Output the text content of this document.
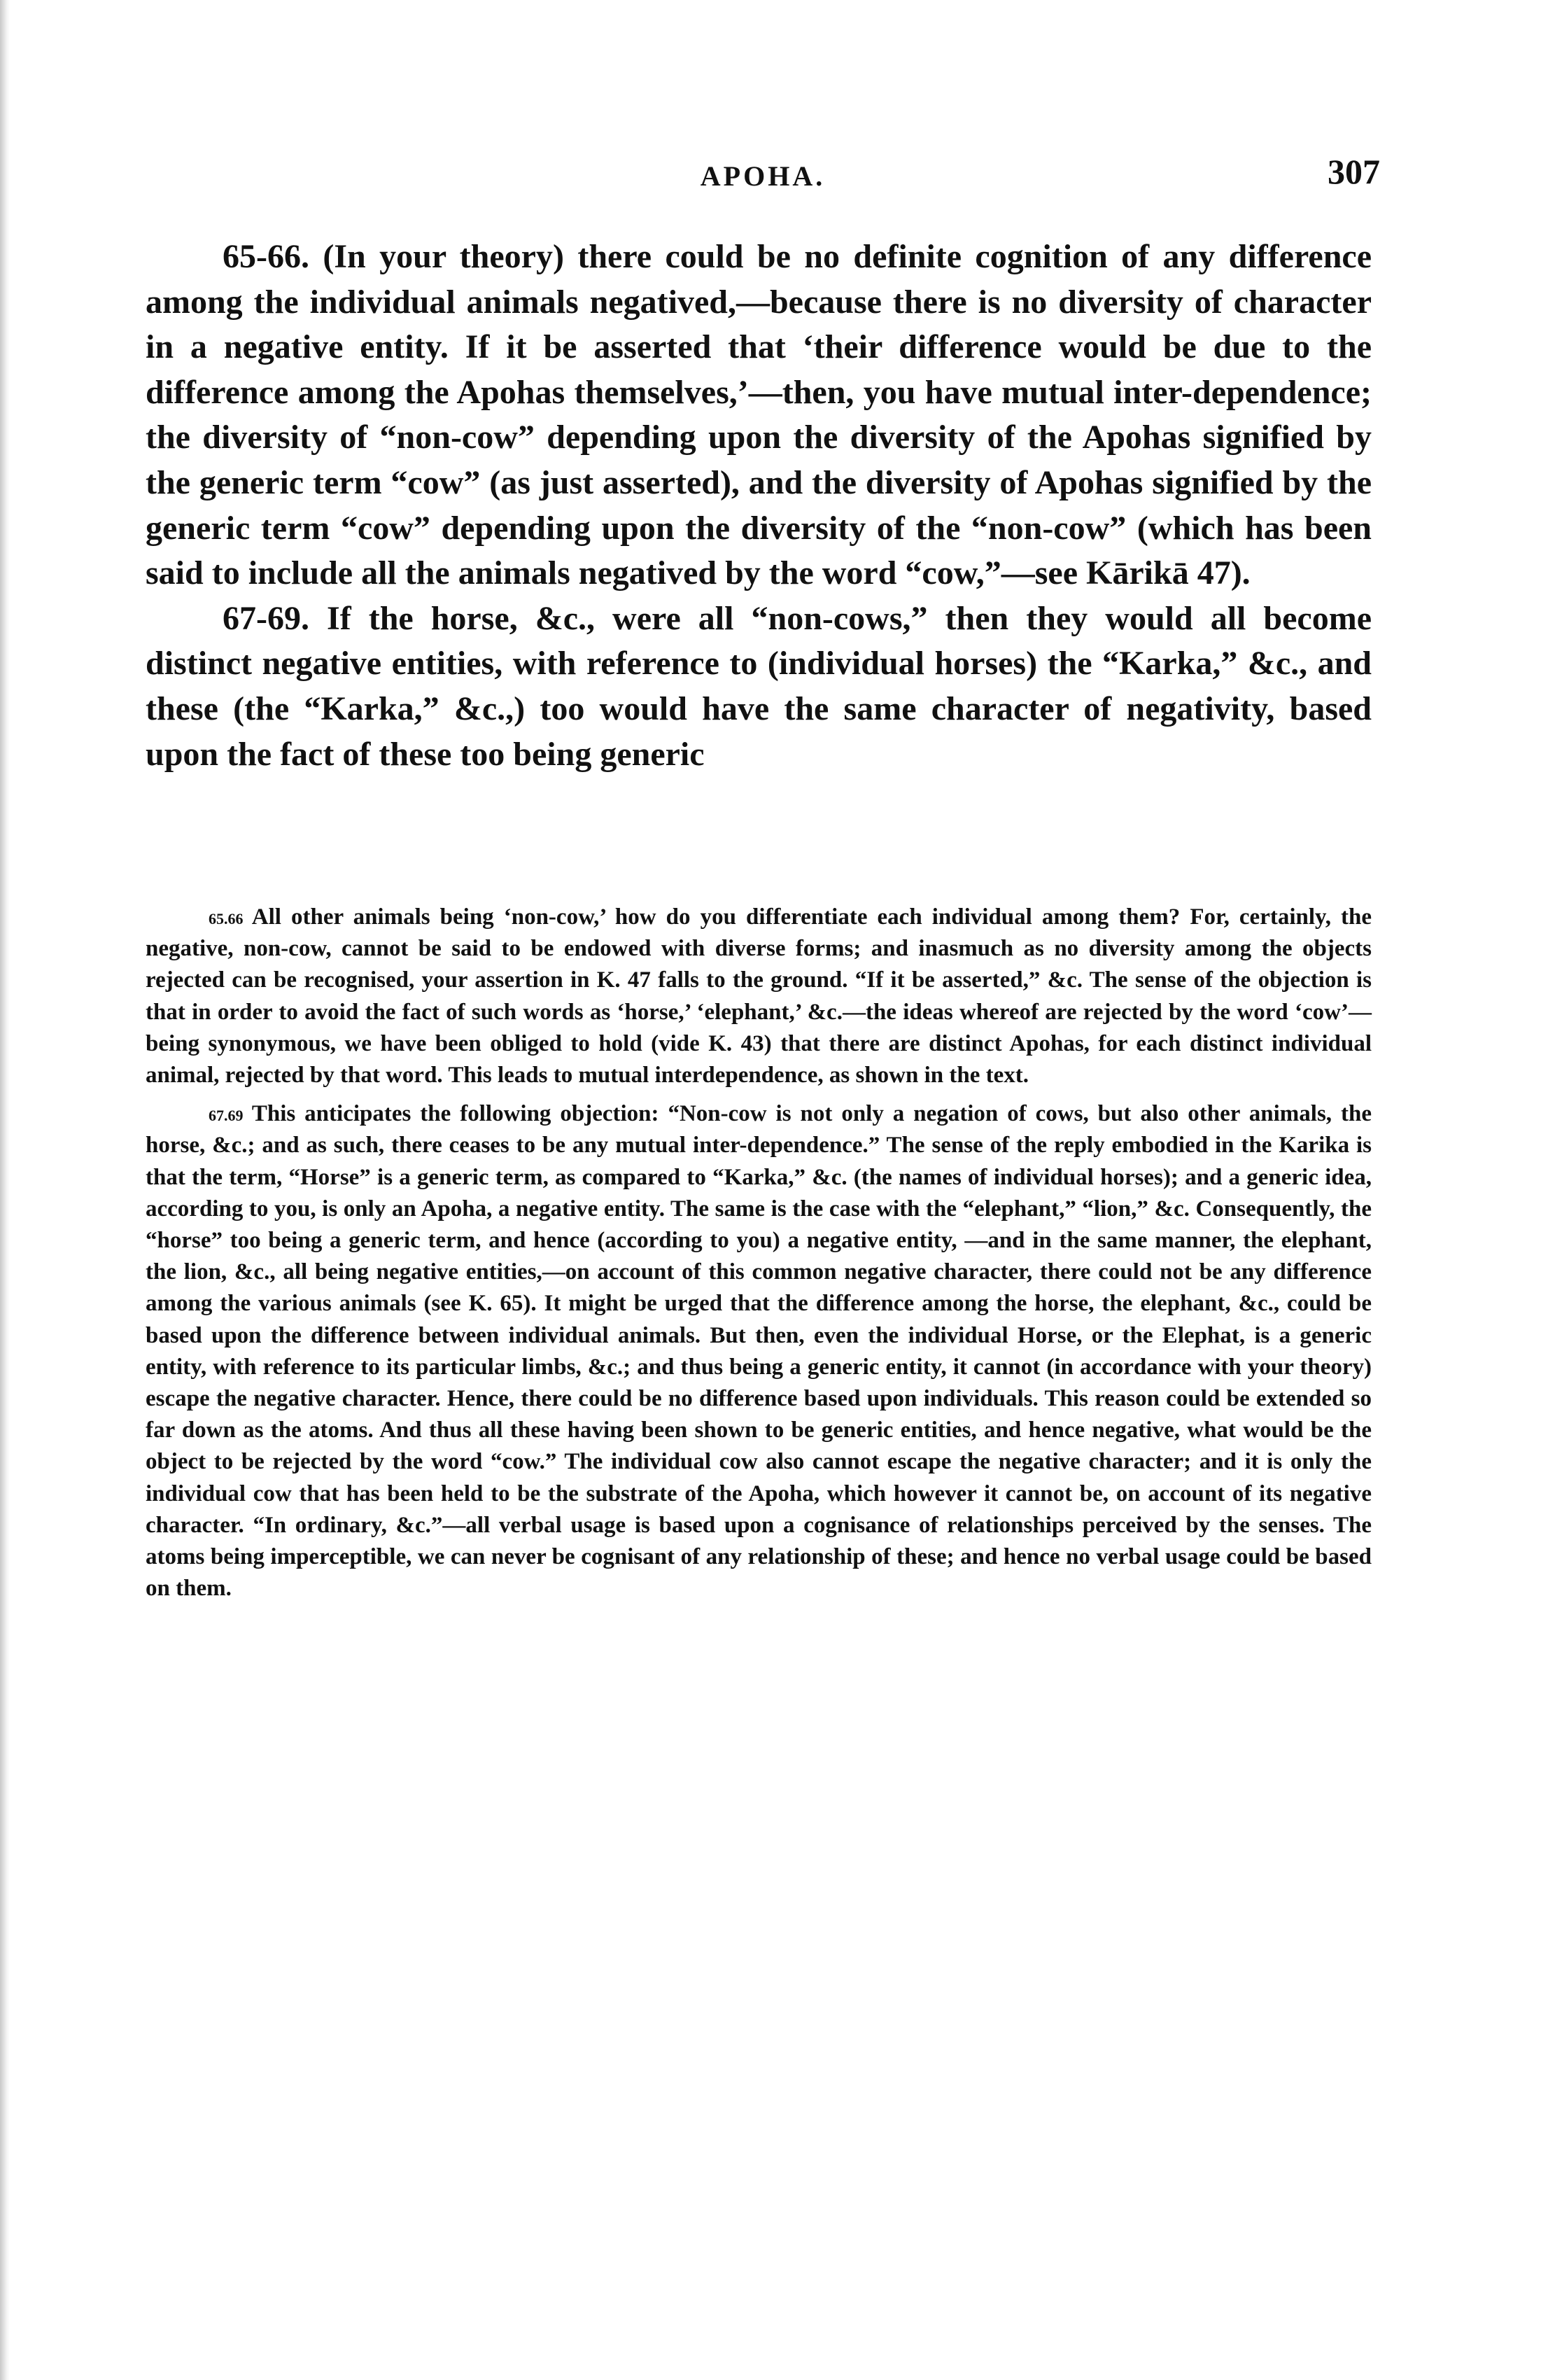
APOHA.	307

65-66. (In your theory) there could be no definite cognition of any difference among the individual animals negatived,—because there is no diversity of character in a negative entity. If it be asserted that ‘their difference would be due to the difference among the Apohas themselves,’—then, you have mutual inter-dependence; the diversity of “non-cow” depending upon the diversity of the Apohas signified by the generic term “cow” (as just asserted), and the diversity of Apohas signified by the generic term “cow” depending upon the diversity of the “non-cow” (which has been said to include all the animals negatived by the word “cow,”—see Kārikā 47).

67-69. If the horse, &c., were all “non-cows,” then they would all become distinct negative entities, with reference to (individual horses) the “Karka,” &c., and these (the “Karka,” &c.,) too would have the same character of negativity, based upon the fact of these too being generic

$^{65.66}$ All other animals being ‘non-cow,’ how do you differentiate each individual among them? For, certainly, the negative, non-cow, cannot be said to be endowed with diverse forms; and inasmuch as no diversity among the objects rejected can be recognised, your assertion in K. 47 falls to the ground. “If it be asserted,” &c. The sense of the objection is that in order to avoid the fact of such words as ‘horse,’ ‘elephant,’ &c.—the ideas whereof are rejected by the word ‘cow’—being synonymous, we have been obliged to hold (vide K. 43) that there are distinct Apohas, for each distinct individual animal, rejected by that word. This leads to mutual interdependence, as shown in the text.

$^{67.69}$ This anticipates the following objection: “Non-cow is not only a negation of cows, but also other animals, the horse, &c.; and as such, there ceases to be any mutual inter-dependence.” The sense of the reply embodied in the Karika is that the term, “Horse” is a generic term, as compared to “Karka,” &c. (the names of individual horses); and a generic idea, according to you, is only an Apoha, a negative entity. The same is the case with the “elephant,” “lion,” &c. Consequently, the “horse” too being a generic term, and hence (according to you) a negative entity, —and in the same manner, the elephant, the lion, &c., all being negative entities,—on account of this common negative character, there could not be any difference among the various animals (see K. 65). It might be urged that the difference among the horse, the elephant, &c., could be based upon the difference between individual animals. But then, even the individual Horse, or the Elephat, is a generic entity, with reference to its particular limbs, &c.; and thus being a generic entity, it cannot (in accordance with your theory) escape the negative character. Hence, there could be no difference based upon individuals. This reason could be extended so far down as the atoms. And thus all these having been shown to be generic entities, and hence negative, what would be the object to be rejected by the word “cow.” The individual cow also cannot escape the negative character; and it is only the individual cow that has been held to be the substrate of the Apoha, which however it cannot be, on account of its negative character. “In ordinary, &c.”—all verbal usage is based upon a cognisance of relationships perceived by the senses. The atoms being imperceptible, we can never be cognisant of any relationship of these; and hence no verbal usage could be based on them.
